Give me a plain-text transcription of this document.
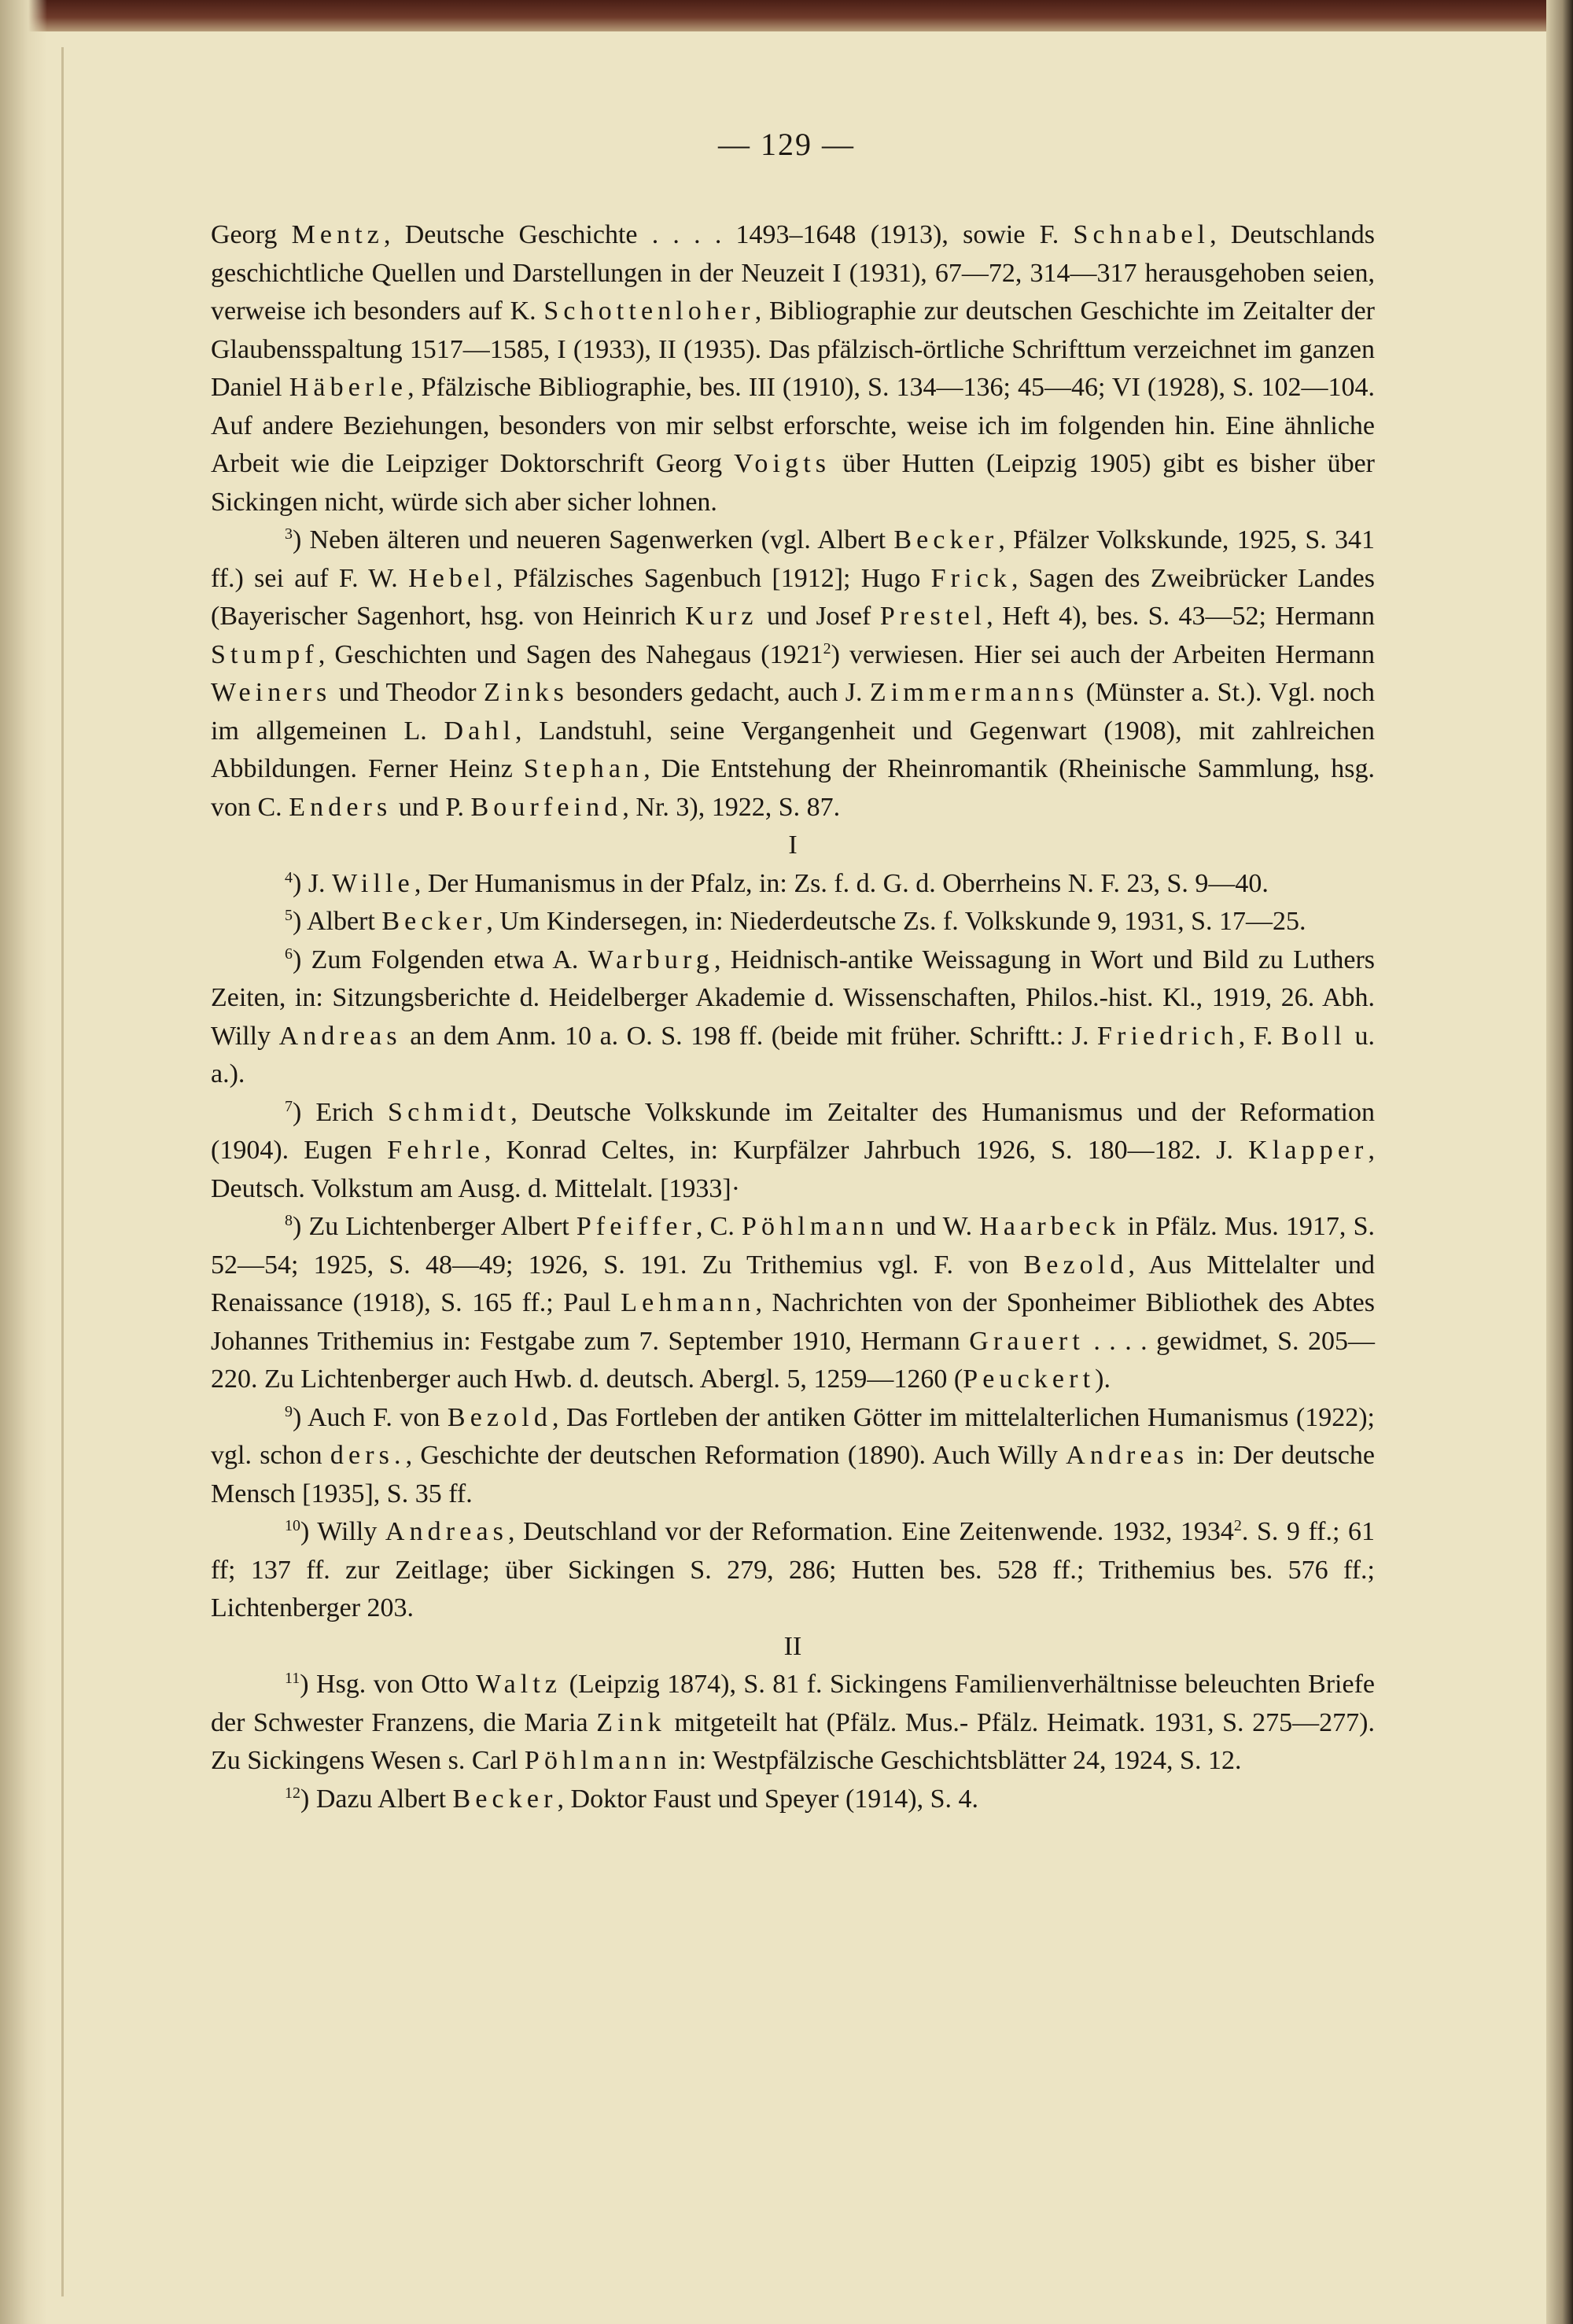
— 129 —

Georg Mentz, Deutsche Geschichte . . . . 1493–1648 (1913), sowie F. Schnabel, Deutschlands geschichtliche Quellen und Darstellungen in der Neuzeit I (1931), 67—72, 314—317 herausgehoben seien, verweise ich besonders auf K. Schottenloher, Bibliographie zur deutschen Geschichte im Zeitalter der Glaubensspaltung 1517—1585, I (1933), II (1935). Das pfälzisch-örtliche Schrifttum verzeichnet im ganzen Daniel Häberle, Pfälzische Bibliographie, bes. III (1910), S. 134—136; 45—46; VI (1928), S. 102—104. Auf andere Beziehungen, besonders von mir selbst erforschte, weise ich im folgenden hin. Eine ähnliche Arbeit wie die Leipziger Doktorschrift Georg Voigts über Hutten (Leipzig 1905) gibt es bisher über Sickingen nicht, würde sich aber sicher lohnen.

$^3$) Neben älteren und neueren Sagenwerken (vgl. Albert Becker, Pfälzer Volkskunde, 1925, S. 341 ff.) sei auf F. W. Hebel, Pfälzisches Sagenbuch [1912]; Hugo Frick, Sagen des Zweibrücker Landes (Bayerischer Sagenhort, hsg. von Heinrich Kurz und Josef Prestel, Heft 4), bes. S. 43—52; Hermann Stumpf, Geschichten und Sagen des Nahegaus (1921$^2$) verwiesen. Hier sei auch der Arbeiten Hermann Weiners und Theodor Zinks besonders gedacht, auch J. Zimmermanns (Münster a. St.). Vgl. noch im allgemeinen L. Dahl, Landstuhl, seine Vergangenheit und Gegenwart (1908), mit zahlreichen Abbildungen. Ferner Heinz Stephan, Die Entstehung der Rheinromantik (Rheinische Sammlung, hsg. von C. Enders und P. Bourfeind, Nr. 3), 1922, S. 87.

I

$^4$) J. Wille, Der Humanismus in der Pfalz, in: Zs. f. d. G. d. Oberrheins N. F. 23, S. 9—40.

$^5$) Albert Becker, Um Kindersegen, in: Niederdeutsche Zs. f. Volkskunde 9, 1931, S. 17—25.

$^6$) Zum Folgenden etwa A. Warburg, Heidnisch-antike Weissagung in Wort und Bild zu Luthers Zeiten, in: Sitzungsberichte d. Heidelberger Akademie d. Wissenschaften, Philos.-hist. Kl., 1919, 26. Abh. Willy Andreas an dem Anm. 10 a. O. S. 198 ff. (beide mit früher. Schriftt.: J. Friedrich, F. Boll u. a.).

$^7$) Erich Schmidt, Deutsche Volkskunde im Zeitalter des Humanismus und der Reformation (1904). Eugen Fehrle, Konrad Celtes, in: Kurpfälzer Jahrbuch 1926, S. 180—182. J. Klapper, Deutsch. Volkstum am Ausg. d. Mittelalt. [1933]·

$^8$) Zu Lichtenberger Albert Pfeiffer, C. Pöhlmann und W. Haarbeck in Pfälz. Mus. 1917, S. 52—54; 1925, S. 48—49; 1926, S. 191. Zu Trithemius vgl. F. von Bezold, Aus Mittelalter und Renaissance (1918), S. 165 ff.; Paul Lehmann, Nachrichten von der Sponheimer Bibliothek des Abtes Johannes Trithemius in: Festgabe zum 7. September 1910, Hermann Grauert . . . . gewidmet, S. 205—220. Zu Lichtenberger auch Hwb. d. deutsch. Abergl. 5, 1259—1260 (Peuckert).

$^9$) Auch F. von Bezold, Das Fortleben der antiken Götter im mittelalterlichen Humanismus (1922); vgl. schon ders., Geschichte der deutschen Reformation (1890). Auch Willy Andreas in: Der deutsche Mensch [1935], S. 35 ff.

$^{10}$) Willy Andreas, Deutschland vor der Reformation. Eine Zeitenwende. 1932, 1934$^2$. S. 9 ff.; 61 ff; 137 ff. zur Zeitlage; über Sickingen S. 279, 286; Hutten bes. 528 ff.; Trithemius bes. 576 ff.; Lichtenberger 203.

II

$^{11}$) Hsg. von Otto Waltz (Leipzig 1874), S. 81 f. Sickingens Familienverhältnisse beleuchten Briefe der Schwester Franzens, die Maria Zink mitgeteilt hat (Pfälz. Mus.- Pfälz. Heimatk. 1931, S. 275—277). Zu Sickingens Wesen s. Carl Pöhlmann in: Westpfälzische Geschichtsblätter 24, 1924, S. 12.

$^{12}$) Dazu Albert Becker, Doktor Faust und Speyer (1914), S. 4.
